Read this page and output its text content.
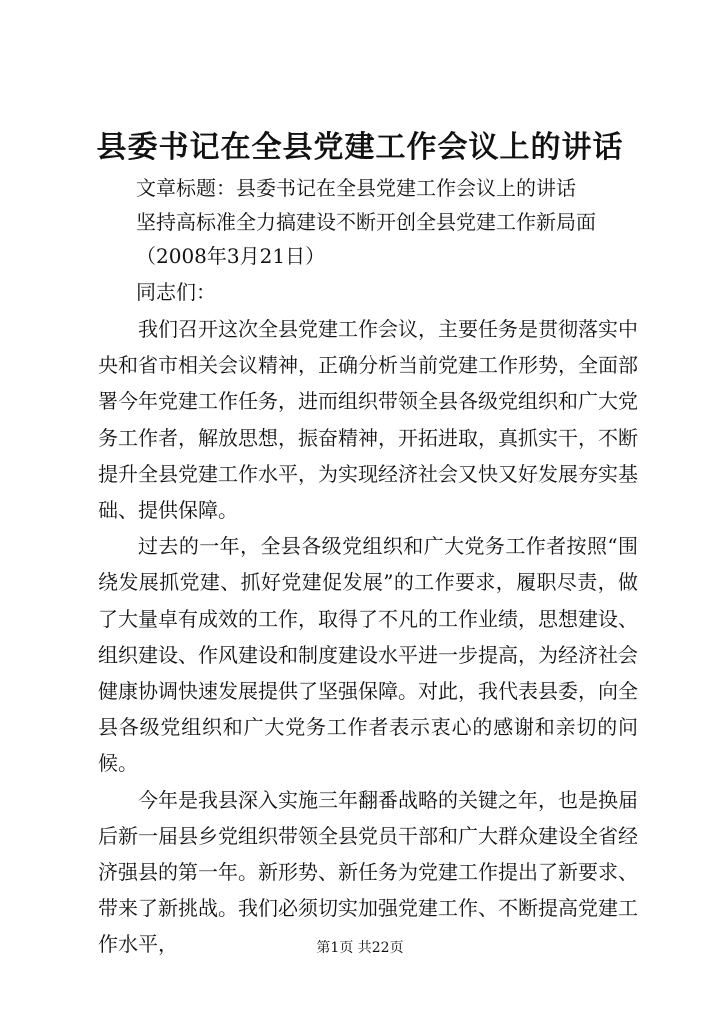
县委书记在全县党建工作会议上的讲话
文章标题：县委书记在全县党建工作会议上的讲话
坚持高标准全力搞建设不断开创全县党建工作新局面
（2008年3月21日）
同志们：

我们召开这次全县党建工作会议，主要任务是贯彻落实中央和省市相关会议精神，正确分析当前党建工作形势，全面部署今年党建工作任务，进而组织带领全县各级党组织和广大党务工作者，解放思想，振奋精神，开拓进取，真抓实干，不断提升全县党建工作水平，为实现经济社会又快又好发展夯实基础、提供保障。

过去的一年，全县各级党组织和广大党务工作者按照“围绕发展抓党建、抓好党建促发展”的工作要求，履职尽责，做了大量卓有成效的工作，取得了不凡的工作业绩，思想建设、组织建设、作风建设和制度建设水平进一步提高，为经济社会健康协调快速发展提供了坚强保障。对此，我代表县委，向全县各级党组织和广大党务工作者表示衷心的感谢和亲切的问候。

今年是我县深入实施三年翻番战略的关键之年，也是换届后新一届县乡党组织带领全县党员干部和广大群众建设全省经济强县的第一年。新形势、新任务为党建工作提出了新要求、带来了新挑战。我们必须切实加强党建工作、不断提高党建工作水平，	第1页 共22页
